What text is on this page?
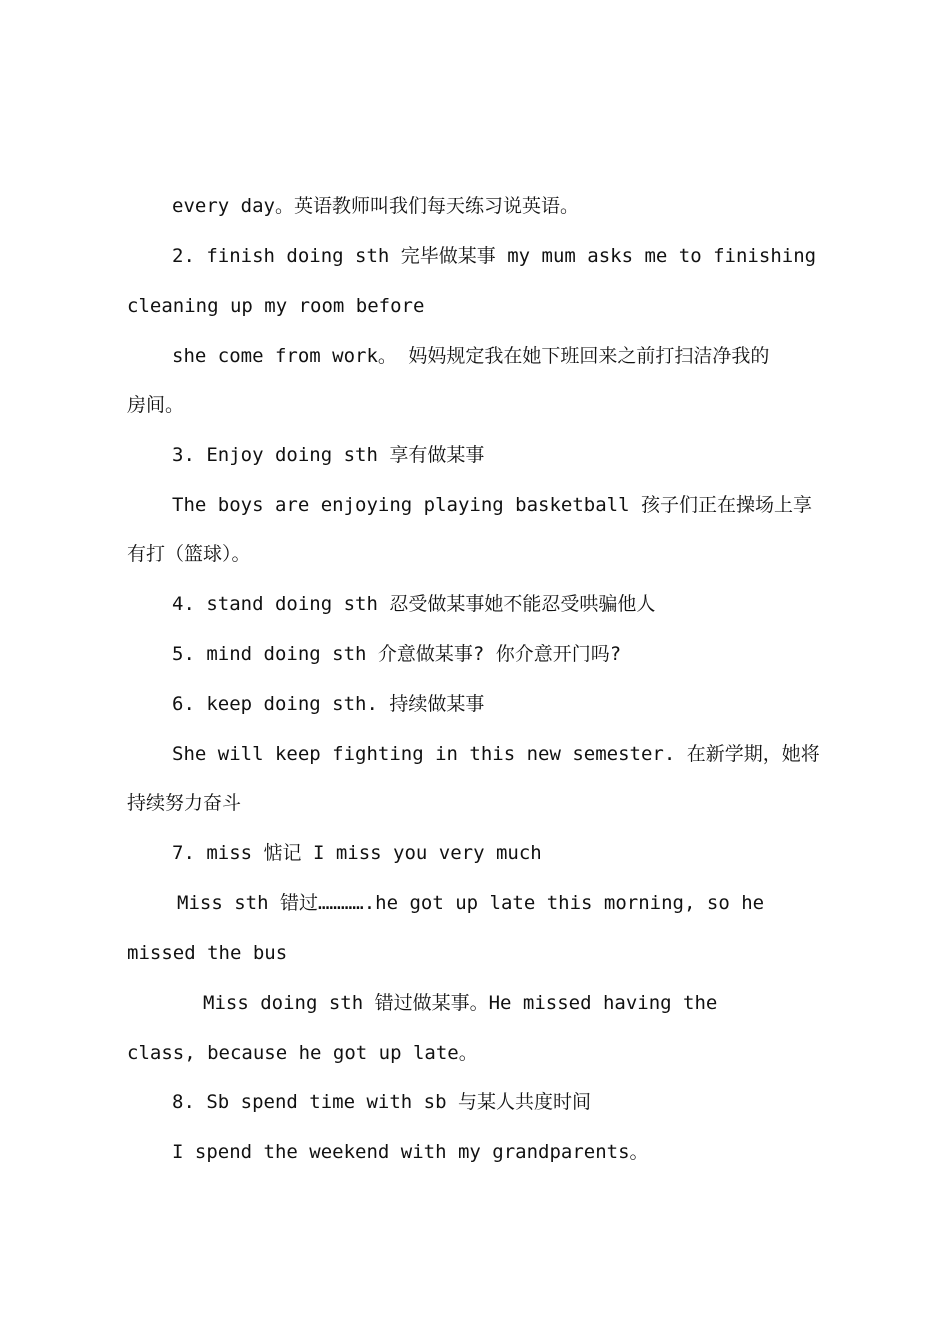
every day。英语教师叫我们每天练习说英语。
2. finish doing sth 完毕做某事 my mum asks me to finishing
cleaning up my room before
she come from work。 妈妈规定我在她下班回来之前打扫洁净我的
房间。
3. Enjoy doing sth 享有做某事
The boys are enjoying playing basketball 孩子们正在操场上享
有打（篮球）。
4. stand doing sth 忍受做某事她不能忍受哄骗他人
5. mind doing sth 介意做某事? 你介意开门吗?
6. keep doing sth. 持续做某事
She will keep fighting in this new semester. 在新学期，她将
持续努力奋斗
7. miss 惦记 I miss you very much
Miss sth 错过………….he got up late this morning, so he
missed the bus
Miss doing sth 错过做某事。He missed having the
class, because he got up late。
8. Sb spend time with sb 与某人共度时间
I spend the weekend with my grandparents。
